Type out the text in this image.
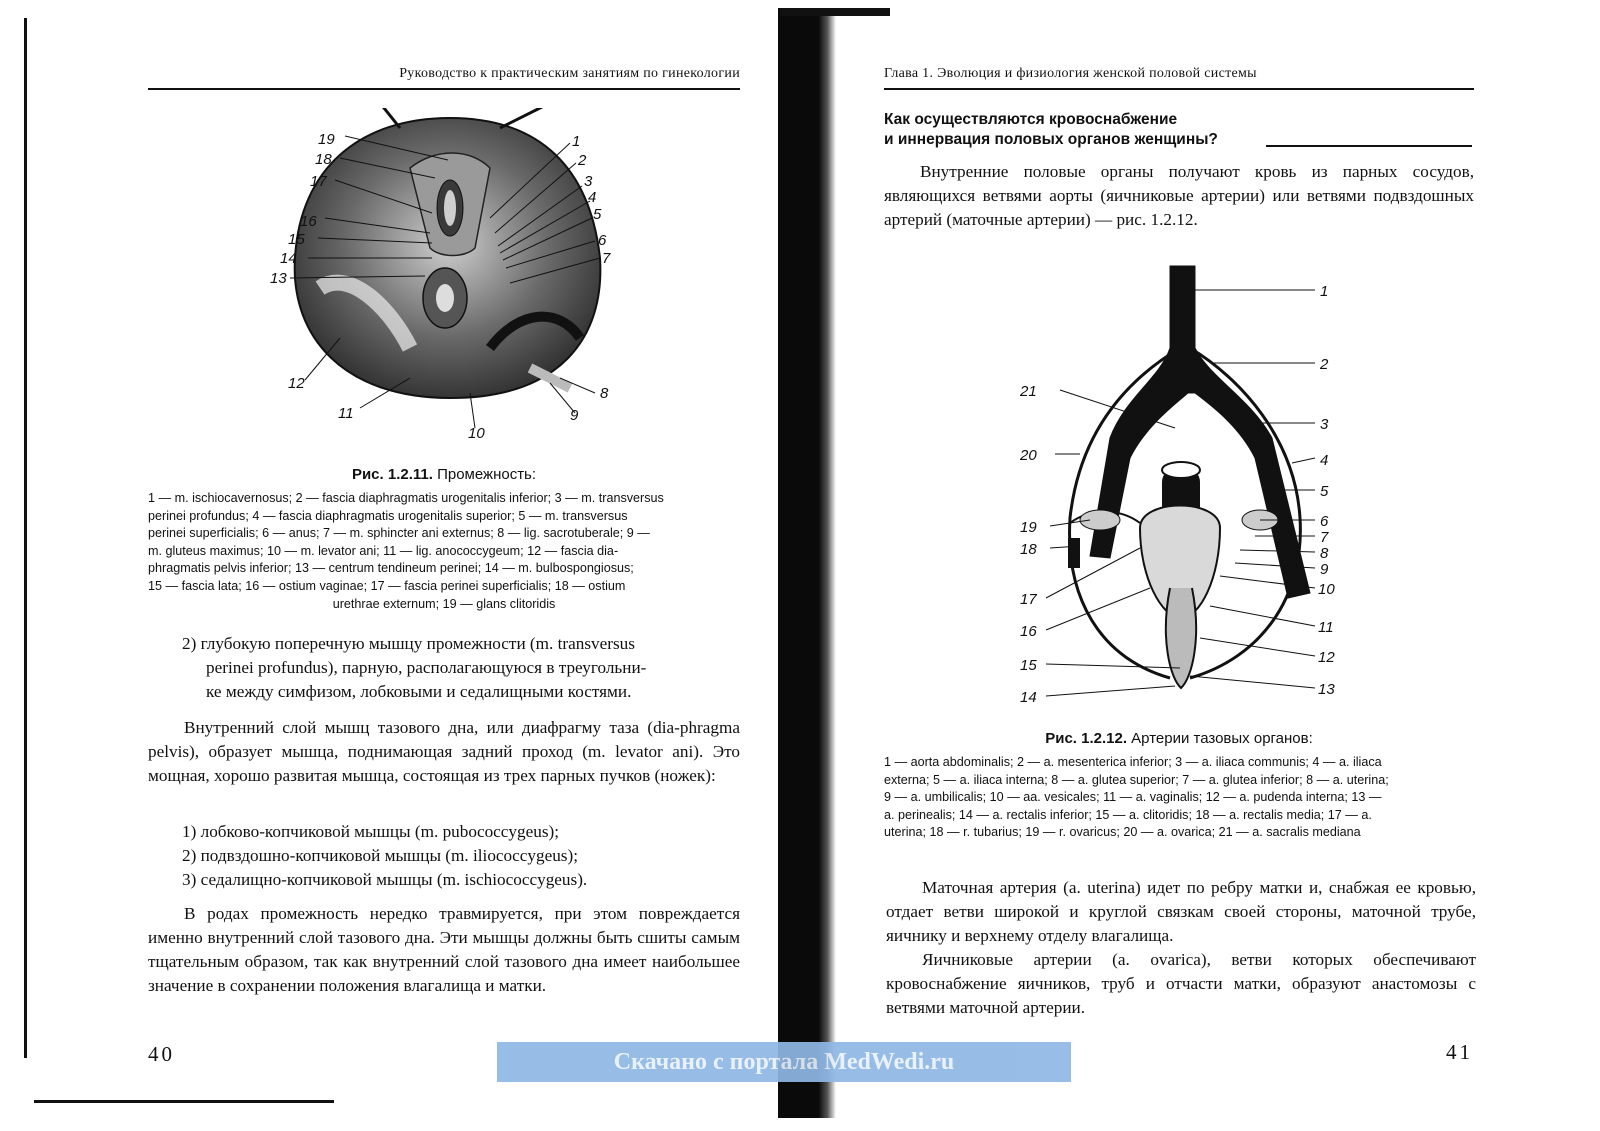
Руководство к практическим занятиям по гинекологии
19
18
17
16
15
14
13
1
2
3
4
5
6
7
8
9
10
11
12
Рис. 1.2.11. Промежность:
1 — m. ischiocavernosus; 2 — fascia diaphragmatis urogenitalis inferior; 3 — m. transversus
perinei profundus; 4 — fascia diaphragmatis urogenitalis superior; 5 — m. transversus
perinei superficialis; 6 — anus; 7 — m. sphincter ani externus; 8 — lig. sacrotuberale; 9 —
m. gluteus maximus; 10 — m. levator ani; 11 — lig. anococcygeum; 12 — fascia dia-
phragmatis pelvis inferior; 13 — centrum tendineum perinei; 14 — m. bulbospongiosus;
15 — fascia lata; 16 — ostium vaginae; 17 — fascia perinei superficialis; 18 — ostium
urethrae externum; 19 — glans clitoridis
2) глубокую поперечную мышцу промежности (m. transversus
perinei profundus), парную, располагающуюся в треугольни-
ке между симфизом, лобковыми и седалищными костями.

Внутренний слой мышц тазового дна, или диафрагму таза (dia-phragma pelvis), образует мышца, поднимающая задний проход (m. levator ani). Это мощная, хорошо развитая мышца, состоящая из трех парных пучков (ножек):

1) лобково-копчиковой мышцы (m. pubococcygeus);
2) подвздошно-копчиковой мышцы (m. iliococcygeus);
3) седалищно-копчиковой мышцы (m. ischiococcygeus).

В родах промежность нередко травмируется, при этом повреждается именно внутренний слой тазового дна. Эти мышцы должны быть сшиты самым тщательным образом, так как внутренний слой тазового дна имеет наибольшее значение в сохранении положения влагалища и матки.

40
Глава 1. Эволюция и физиология женской половой системы
Как осуществляются кровоснабжение
и иннервация половых органов женщины?

Внутренние половые органы получают кровь из парных сосудов, являющихся ветвями аорты (яичниковые артерии) или ветвями подвздошных артерий (маточные артерии) — рис. 1.2.12.

1
2
3
4
5
6
7
8
9
10
11
12
13
14
15
16
17
18
19
20
21
Рис. 1.2.12. Артерии тазовых органов:
1 — aorta abdominalis; 2 — a. mesenterica inferior; 3 — a. iliaca communis; 4 — a. iliaca
externa; 5 — a. iliaca interna; 8 — a. glutea superior; 7 — a. glutea inferior; 8 — a. uterina;
9 — a. umbilicalis; 10 — aa. vesicales; 11 — a. vaginalis; 12 — a. pudenda interna; 13 —
a. perinealis; 14 — a. rectalis inferior; 15 — a. clitoridis; 18 — a. rectalis media; 17 — a.
uterina; 18 — r. tubarius; 19 — r. ovaricus; 20 — a. ovarica; 21 — a. sacralis mediana

Маточная артерия (a. uterina) идет по ребру матки и, снабжая ее кровью, отдает ветви широкой и круглой связкам своей стороны, маточной трубе, яичнику и верхнему отделу влагалища.

Яичниковые артерии (a. ovarica), ветви которых обеспечивают кровоснабжение яичников, труб и отчасти матки, образуют анастомозы с ветвями маточной артерии.

41
Скачано с портала MedWedi.ru
